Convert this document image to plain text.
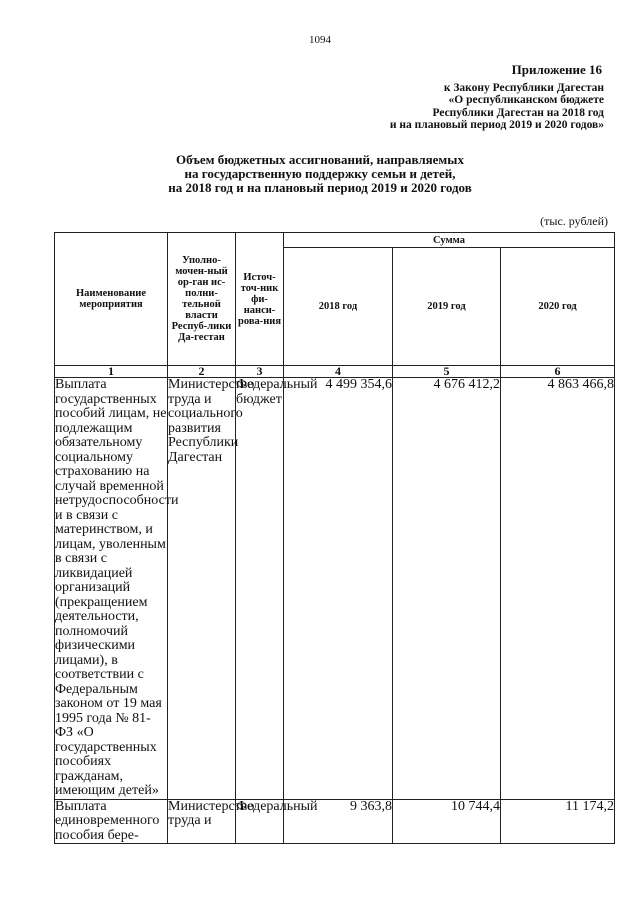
1094
Приложение 16
к Закону Республики Дагестан
«О республиканском бюджете
Республики Дагестан на 2018 год
и на плановый период 2019 и 2020 годов»
Объем бюджетных ассигнований, направляемых
на государственную поддержку семьи и детей,
на 2018 год и на плановый период 2019 и 2020 годов
(тыс. рублей)
Наименование мероприятия	Уполно-мочен-ный ор-ган ис-полни-тельной власти Респуб-лики Да-гестан	Источ-точ-ник фи-нанси-рова-ния	Сумма		
			2018 год	2019 год	2020 год
1	2	3	4	5	6
Выплата государственных пособий лицам, не подлежащим обязательному социальному страхованию на случай временной нетрудоспособности и в связи с материнством, и лицам, уволенным в связи с ликвидацией организаций (прекращением деятельности, полномочий физическими лицами), в соответствии с Федеральным законом от 19 мая 1995 года № 81-ФЗ «О государственных пособиях гражданам, имеющим детей»	Министерство труда и социального развития Республики Дагестан	Федеральный бюджет	4 499 354,6	4 676 412,2	4 863 466,8
Выплата единовременного пособия бере-	Министерство труда и	Федеральный	9 363,8	10 744,4	11 174,2
